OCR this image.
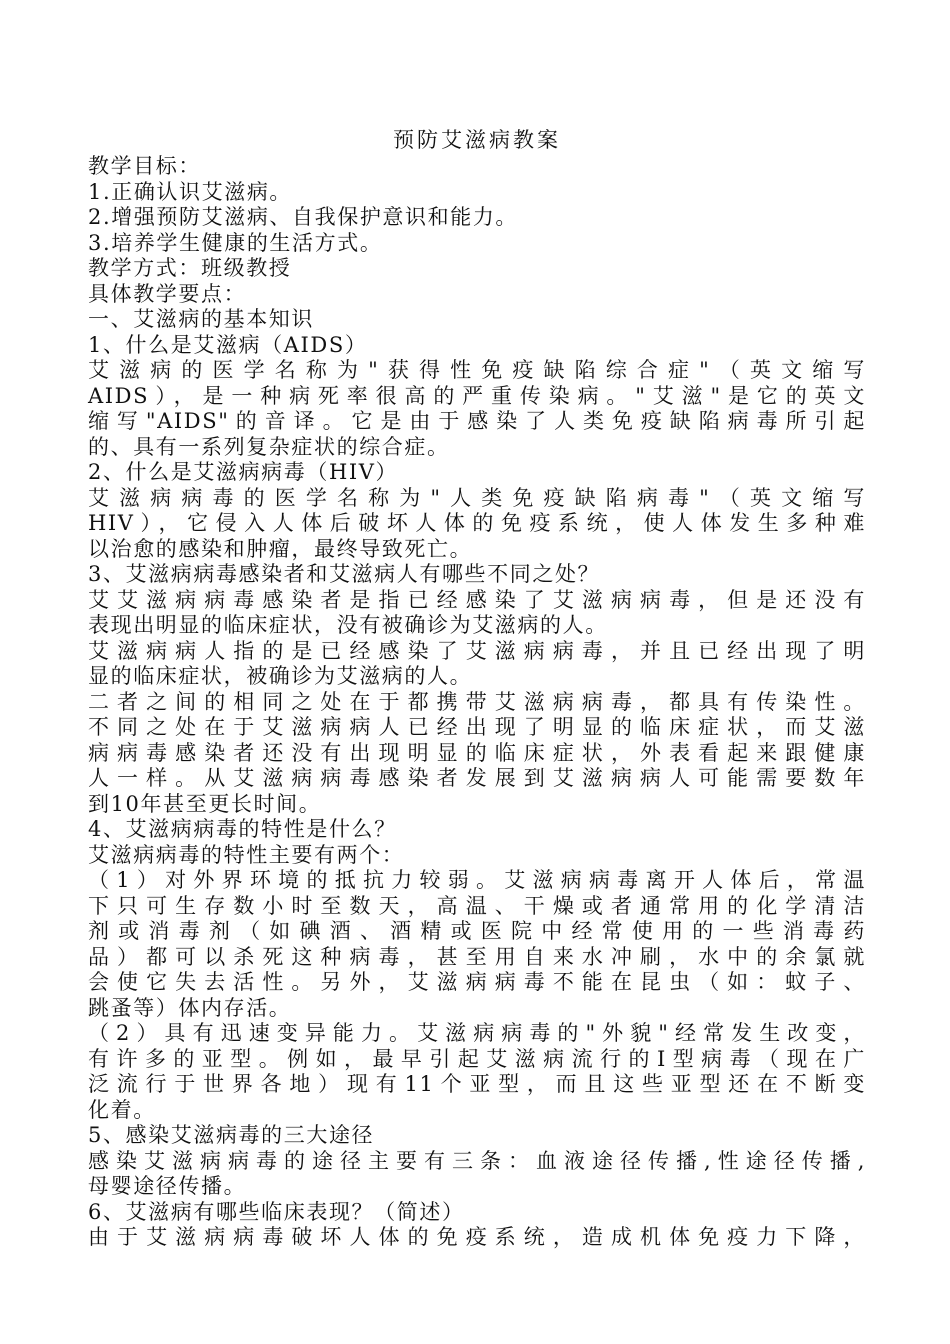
预防艾滋病教案
教学目标：
1.正确认识艾滋病。
2.增强预防艾滋病、自我保护意识和能力。
3.培养学生健康的生活方式。
教学方式：班级教授
具体教学要点：
一、艾滋病的基本知识
1、什么是艾滋病（AIDS）
艾滋病的医学名称为"获得性免疫缺陷综合症"（英文缩写
AIDS），是一种病死率很高的严重传染病。"艾滋"是它的英文
缩写"AIDS"的音译。它是由于感染了人类免疫缺陷病毒所引起
的、具有一系列复杂症状的综合症。
2、什么是艾滋病病毒（HIV）
艾滋病病毒的医学名称为"人类免疫缺陷病毒"（英文缩写
HIV），它侵入人体后破坏人体的免疫系统，使人体发生多种难
以治愈的感染和肿瘤，最终导致死亡。
3、艾滋病病毒感染者和艾滋病人有哪些不同之处？
艾艾滋病病毒感染者是指已经感染了艾滋病病毒，但是还没有
表现出明显的临床症状，没有被确诊为艾滋病的人。
艾滋病病人指的是已经感染了艾滋病病毒，并且已经出现了明
显的临床症状，被确诊为艾滋病的人。
二者之间的相同之处在于都携带艾滋病病毒，都具有传染性。
不同之处在于艾滋病病人已经出现了明显的临床症状，而艾滋
病病毒感染者还没有出现明显的临床症状，外表看起来跟健康
人一样。从艾滋病病毒感染者发展到艾滋病病人可能需要数年
到10年甚至更长时间。
4、艾滋病病毒的特性是什么？
艾滋病病毒的特性主要有两个：
（1）对外界环境的抵抗力较弱。艾滋病病毒离开人体后，常温
下只可生存数小时至数天，高温、干燥或者通常用的化学清洁
剂或消毒剂（如碘酒、酒精或医院中经常使用的一些消毒药
品）都可以杀死这种病毒，甚至用自来水冲刷，水中的余氯就
会使它失去活性。另外，艾滋病病毒不能在昆虫（如：蚊子、
跳蚤等）体内存活。
（2）具有迅速变异能力。艾滋病病毒的"外貌"经常发生改变，
有许多的亚型。例如，最早引起艾滋病流行的I型病毒（现在广
泛流行于世界各地）现有11个亚型，而且这些亚型还在不断变
化着。
5、感染艾滋病毒的三大途径
感染艾滋病病毒的途径主要有三条：血液途径传播,性途径传播,
母婴途径传播。
6、艾滋病有哪些临床表现？（简述）
由于艾滋病病毒破坏人体的免疫系统，造成机体免疫力下降，
